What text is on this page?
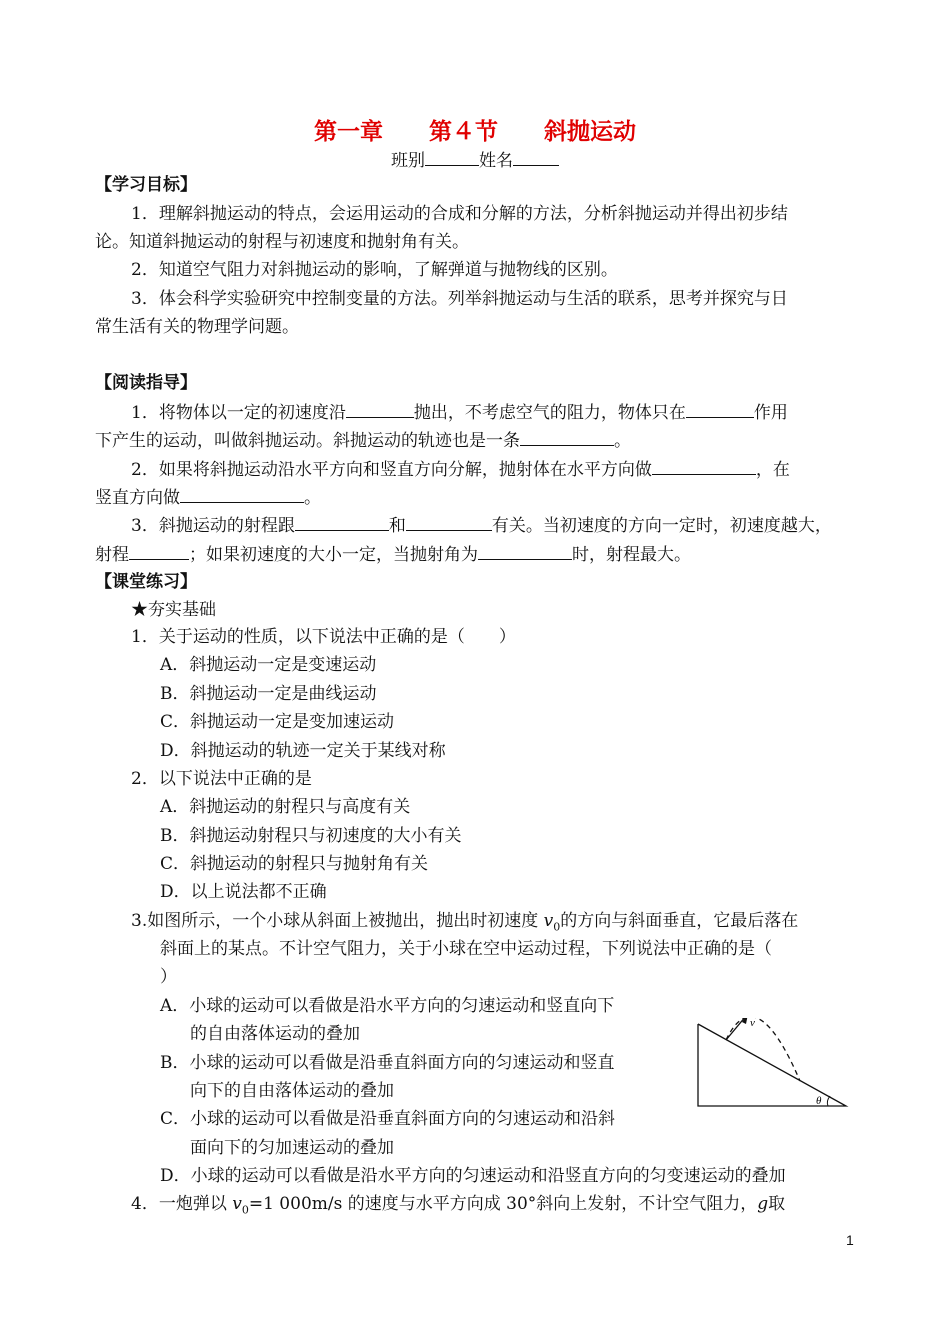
第一章　　第４节　　斜抛运动
班别	姓名
【学习目标】
1．理解斜抛运动的特点，会运用运动的合成和分解的方法，分析斜抛运动并得出初步结
论。知道斜抛运动的射程与初速度和抛射角有关。
2．知道空气阻力对斜抛运动的影响，了解弹道与抛物线的区别。
3．体会科学实验研究中控制变量的方法。列举斜抛运动与生活的联系，思考并探究与日
常生活有关的物理学问题。
【阅读指导】
1．将物体以一定的初速度沿	抛出，不考虑空气的阻力，物体只在	作用
下产生的运动，叫做斜抛运动。斜抛运动的轨迹也是一条	。
2．如果将斜抛运动沿水平方向和竖直方向分解，抛射体在水平方向做	，在
竖直方向做	。
3．斜抛运动的射程跟	和	有关。当初速度的方向一定时，初速度越大，
射程	；如果初速度的大小一定，当抛射角为	时，射程最大。
【课堂练习】
★夯实基础
1．关于运动的性质，以下说法中正确的是（　　）
A．斜抛运动一定是变速运动
B．斜抛运动一定是曲线运动
C．斜抛运动一定是变加速运动
D．斜抛运动的轨迹一定关于某线对称
2．以下说法中正确的是
A．斜抛运动的射程只与高度有关
B．斜抛运动射程只与初速度的大小有关
C．斜抛运动的射程只与抛射角有关
D．以上说法都不正确
3.如图所示，一个小球从斜面上被抛出，抛出时初速度 $v_0$的方向与斜面垂直，它最后落在
斜面上的某点。不计空气阻力，关于小球在空中运动过程，下列说法中正确的是（
）
A．小球的运动可以看做是沿水平方向的匀速运动和竖直向下
的自由落体运动的叠加
B．小球的运动可以看做是沿垂直斜面方向的匀速运动和竖直
向下的自由落体运动的叠加
C．小球的运动可以看做是沿垂直斜面方向的匀速运动和沿斜
面向下的匀加速运动的叠加
D．小球的运动可以看做是沿水平方向的匀速运动和沿竖直方向的匀变速运动的叠加
4．一炮弹以 $v_0=1$ 000m/s 的速度与水平方向成 30°斜向上发射，不计空气阻力，g取
v
θ
1
